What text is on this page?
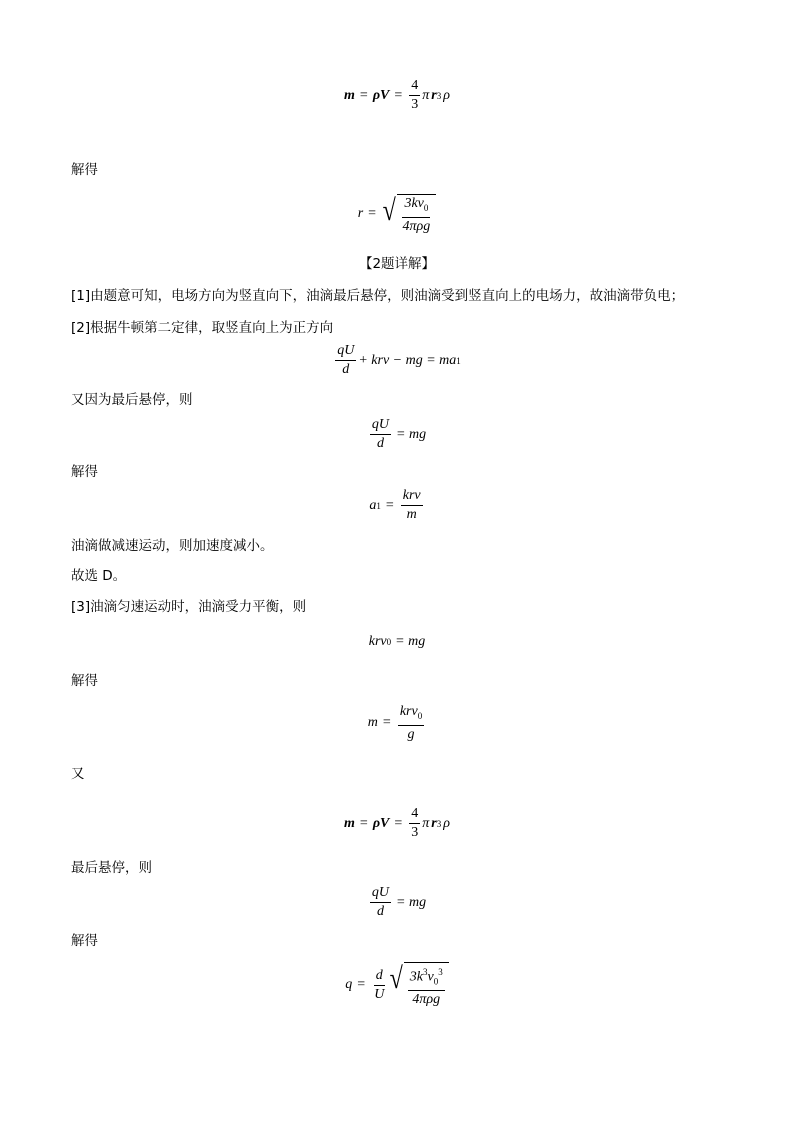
m = ρ $V = \frac{4}{3}$ π r 3 ρ
解得
r = √ $\frac{3kv_0}{\text{4πρg}}$
【2题详解】
[1]由题意可知，电场方向为竖直向下，油滴最后悬停，则油滴受到竖直向上的电场力，故油滴带负电；
[2]根据牛顿第二定律，取竖直向上为正方向
$\frac{qU}{d}$ + krv − mg = ma 1
又因为最后悬停，则
$\frac{qU}{d}$ = mg
解得
a $1 = \frac{\text{krv}}{m}$
油滴做减速运动，则加速度减小。
故选 D。
[3]油滴匀速运动时，油滴受力平衡，则
krv 0 = mg
解得
$m = \frac{krv_0}{g}$
又
m = ρ $V = \frac{4}{3}$ π r 3 ρ
最后悬停，则
$\frac{qU}{d}$ = mg
解得
$q = \frac{d}{U}$ √ $\frac{3k^3v_0^3}{\text{4πρg}}$
